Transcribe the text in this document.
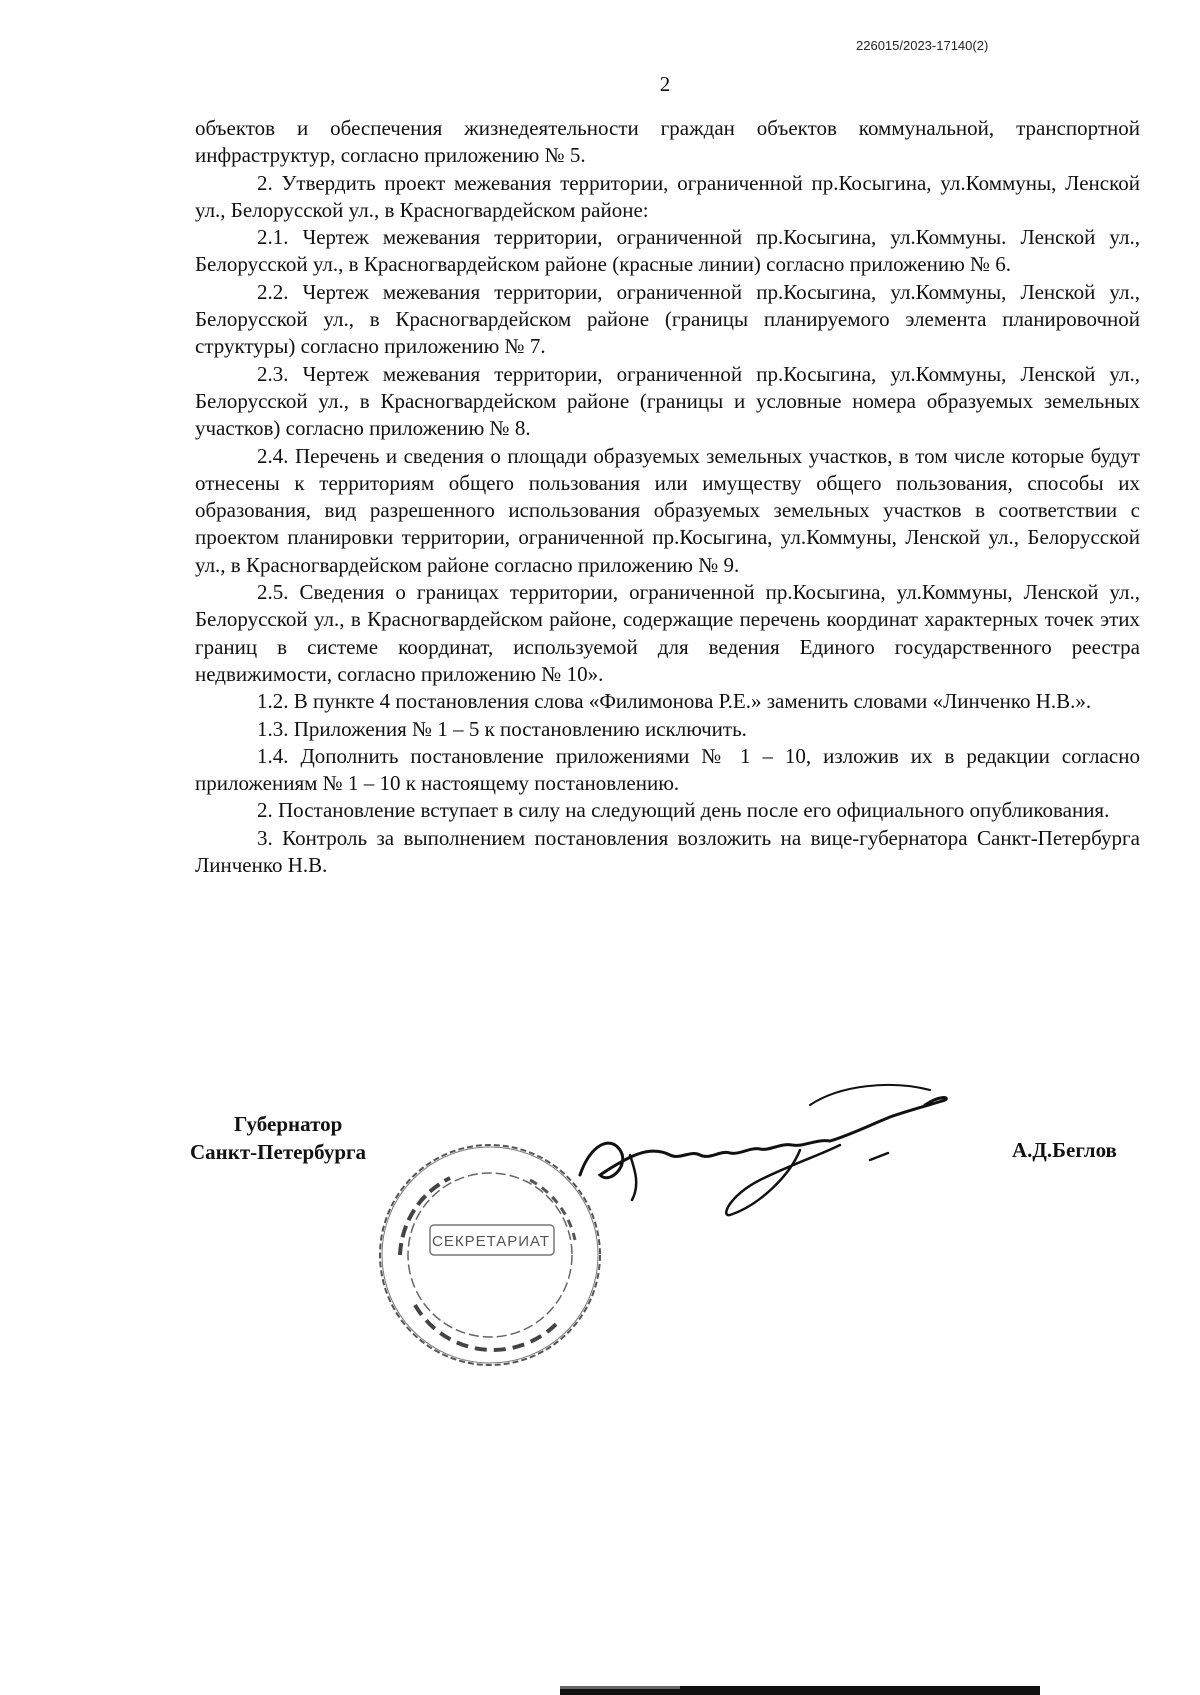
226015/2023-17140(2)
2

объектов и обеспечения жизнедеятельности граждан объектов коммунальной, транспортной инфраструктур, согласно приложению № 5.

2. Утвердить проект межевания территории, ограниченной пр.Косыгина, ул.Коммуны, Ленской ул., Белорусской ул., в Красногвардейском районе:

2.1. Чертеж межевания территории, ограниченной пр.Косыгина, ул.Коммуны. Ленской ул., Белорусской ул., в Красногвардейском районе (красные линии) согласно приложению № 6.

2.2. Чертеж межевания территории, ограниченной пр.Косыгина, ул.Коммуны, Ленской ул., Белорусской ул., в Красногвардейском районе (границы планируемого элемента планировочной структуры) согласно приложению № 7.

2.3. Чертеж межевания территории, ограниченной пр.Косыгина, ул.Коммуны, Ленской ул., Белорусской ул., в Красногвардейском районе (границы и условные номера образуемых земельных участков) согласно приложению № 8.

2.4. Перечень и сведения о площади образуемых земельных участков, в том числе которые будут отнесены к территориям общего пользования или имуществу общего пользования, способы их образования, вид разрешенного использования образуемых земельных участков в соответствии с проектом планировки территории, ограниченной пр.Косыгина, ул.Коммуны, Ленской ул., Белорусской ул., в Красногвардейском районе согласно приложению № 9.

2.5. Сведения о границах территории, ограниченной пр.Косыгина, ул.Коммуны, Ленской ул., Белорусской ул., в Красногвардейском районе, содержащие перечень координат характерных точек этих границ в системе координат, используемой для ведения Единого государственного реестра недвижимости, согласно приложению № 10».

1.2. В пункте 4 постановления слова «Филимонова Р.Е.» заменить словами «Линченко Н.В.».

1.3. Приложения № 1 – 5 к постановлению исключить.

1.4. Дополнить постановление приложениями № 1 – 10, изложив их в редакции согласно приложениям № 1 – 10 к настоящему постановлению.

2. Постановление вступает в силу на следующий день после его официального опубликования.

3. Контроль за выполнением постановления возложить на вице-губернатора Санкт-Петербурга Линченко Н.В.

Губернатор
Санкт-Петербурга
СЕКРЕТАРИАТ
А.Д.Беглов
